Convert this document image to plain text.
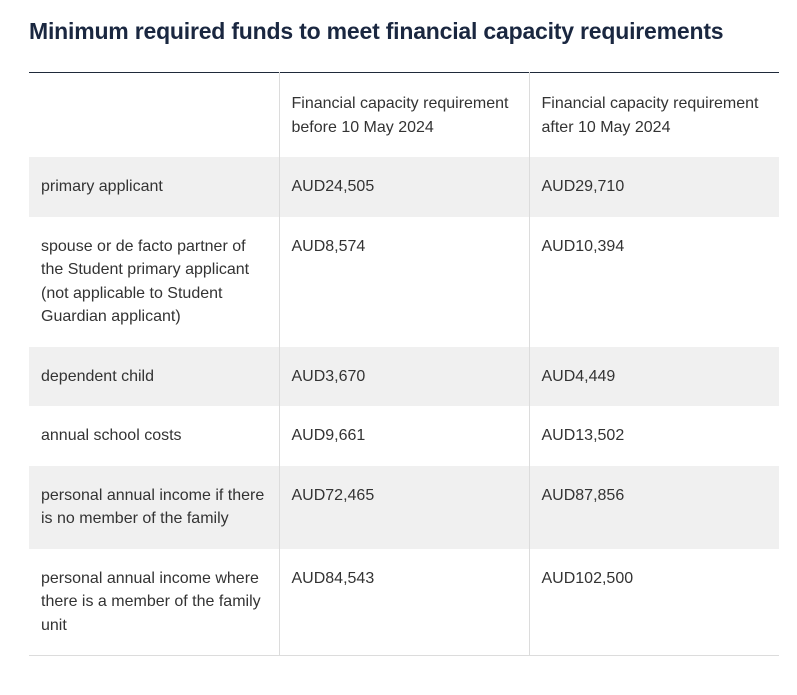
Minimum required funds to meet financial capacity requirements
	Financial capacity requirement before 10 May 2024	Financial capacity requirement after 10 May 2024
primary applicant	AUD24,505	AUD29,710
spouse or de facto partner of the Student primary applicant (not applicable to Student Guardian applicant)	AUD8,574	AUD10,394
dependent child	AUD3,670	AUD4,449
annual school costs	AUD9,661	AUD13,502
personal annual income if there is no member of the family	AUD72,465	AUD87,856
personal annual income where there is a member of the family unit	AUD84,543	AUD102,500
